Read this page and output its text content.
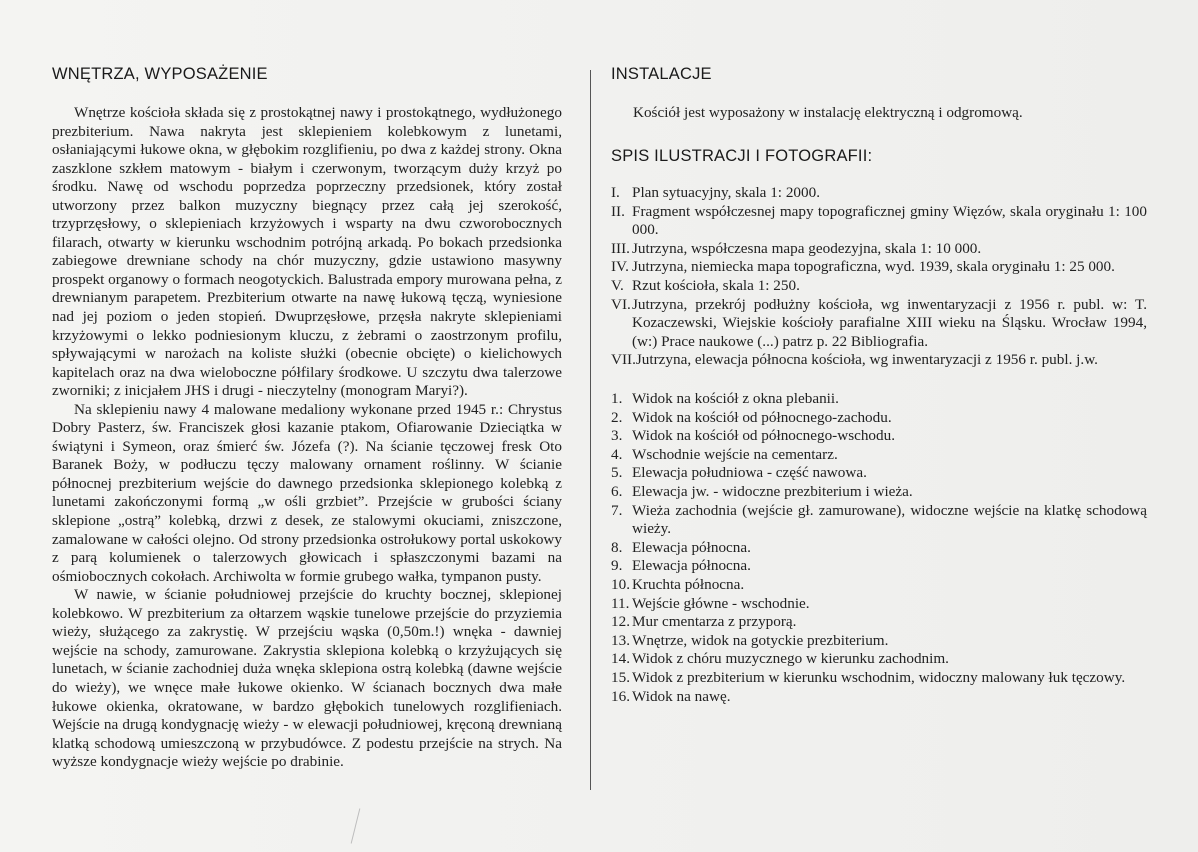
WNĘTRZA, WYPOSAŻENIE

Wnętrze kościoła składa się z prostokątnej nawy i prostokątnego, wydłużonego prezbiterium. Nawa nakryta jest sklepieniem kolebkowym z lunetami, osłaniającymi łukowe okna, w głębokim rozglifieniu, po dwa z każdej strony. Okna zaszklone szkłem matowym - białym i czerwonym, tworzącym duży krzyż po środku. Nawę od wschodu poprzedza poprzeczny przedsionek, który został utworzony przez balkon muzyczny biegnący przez całą jej szerokość, trzyprzęsłowy, o sklepieniach krzyżowych i wsparty na dwu czworobocznych filarach, otwarty w kierunku wschodnim potrójną arkadą. Po bokach przedsionka zabiegowe drewniane schody na chór muzyczny, gdzie ustawiono masywny prospekt organowy o formach neogotyckich. Balustrada empory murowana pełna, z drewnianym parapetem. Prezbiterium otwarte na nawę łukową tęczą, wyniesione nad jej poziom o jeden stopień. Dwuprzęsłowe, przęsła nakryte sklepieniami krzyżowymi o lekko podniesionym kluczu, z żebrami o zaostrzonym profilu, spływającymi w narożach na koliste służki (obecnie obcięte) o kielichowych kapitelach oraz na dwa wieloboczne półfilary środkowe. U szczytu dwa talerzowe zworniki; z inicjałem JHS i drugi - nieczytelny (monogram Maryi?).

Na sklepieniu nawy 4 malowane medaliony wykonane przed 1945 r.: Chrystus Dobry Pasterz, św. Franciszek głosi kazanie ptakom, Ofiarowanie Dzieciątka w świątyni i Symeon, oraz śmierć św. Józefa (?). Na ścianie tęczowej fresk Oto Baranek Boży, w podłuczu tęczy malowany ornament roślinny. W ścianie północnej prezbiterium wejście do dawnego przedsionka sklepionego kolebką z lunetami zakończonymi formą „w ośli grzbiet”. Przejście w grubości ściany sklepione „ostrą” kolebką, drzwi z desek, ze stalowymi okuciami, zniszczone, zamalowane w całości olejno. Od strony przedsionka ostrołukowy portal uskokowy z parą kolumienek o talerzowych głowicach i spłaszczonymi bazami na ośmiobocznych cokołach. Archiwolta w formie grubego wałka, tympanon pusty.

W nawie, w ścianie południowej przejście do kruchty bocznej, sklepionej kolebkowo. W prezbiterium za ołtarzem wąskie tunelowe przejście do przyziemia wieży, służącego za zakrystię. W przejściu wąska (0,50m.!) wnęka - dawniej wejście na schody, zamurowane. Zakrystia sklepiona kolebką o krzyżujących się lunetach, w ścianie zachodniej duża wnęka sklepiona ostrą kolebką (dawne wejście do wieży), we wnęce małe łukowe okienko. W ścianach bocznych dwa małe łukowe okienka, okratowane, w bardzo głębokich tunelowych rozglifieniach. Wejście na drugą kondygnację wieży - w elewacji południowej, kręconą drewnianą klatką schodową umieszczoną w przybudówce. Z podestu przejście na strych. Na wyższe kondygnacje wieży wejście po drabinie.

INSTALACJE

Kościół jest wyposażony w instalację elektryczną i odgromową.

SPIS ILUSTRACJI I FOTOGRAFII:
I. Plan sytuacyjny, skala 1: 2000.
II. Fragment współczesnej mapy topograficznej gminy Więzów, skala oryginału 1: 100 000.
III. Jutrzyna, współczesna mapa geodezyjna, skala 1: 10 000.
IV. Jutrzyna, niemiecka mapa topograficzna, wyd. 1939, skala oryginału 1: 25 000.
V. Rzut kościoła, skala 1: 250.
VI. Jutrzyna, przekrój podłużny kościoła, wg inwentaryzacji z 1956 r. publ. w: T. Kozaczewski, Wiejskie kościoły parafialne XIII wieku na Śląsku. Wrocław 1994, (w:) Prace naukowe (...) patrz p. 22 Bibliografia.
VII. Jutrzyna, elewacja północna kościoła, wg inwentaryzacji z 1956 r. publ. j.w.
1. Widok na kościół z okna plebanii.
2. Widok na kościół od północnego-zachodu.
3. Widok na kościół od północnego-wschodu.
4. Wschodnie wejście na cementarz.
5. Elewacja południowa - część nawowa.
6. Elewacja jw. - widoczne prezbiterium i wieża.
7. Wieża zachodnia (wejście gł. zamurowane), widoczne wejście na klatkę schodową wieży.
8. Elewacja północna.
9. Elewacja północna.
10. Kruchta północna.
11. Wejście główne - wschodnie.
12. Mur cmentarza z przyporą.
13. Wnętrze, widok na gotyckie prezbiterium.
14. Widok z chóru muzycznego w kierunku zachodnim.
15. Widok z prezbiterium w kierunku wschodnim, widoczny malowany łuk tęczowy.
16. Widok na nawę.
